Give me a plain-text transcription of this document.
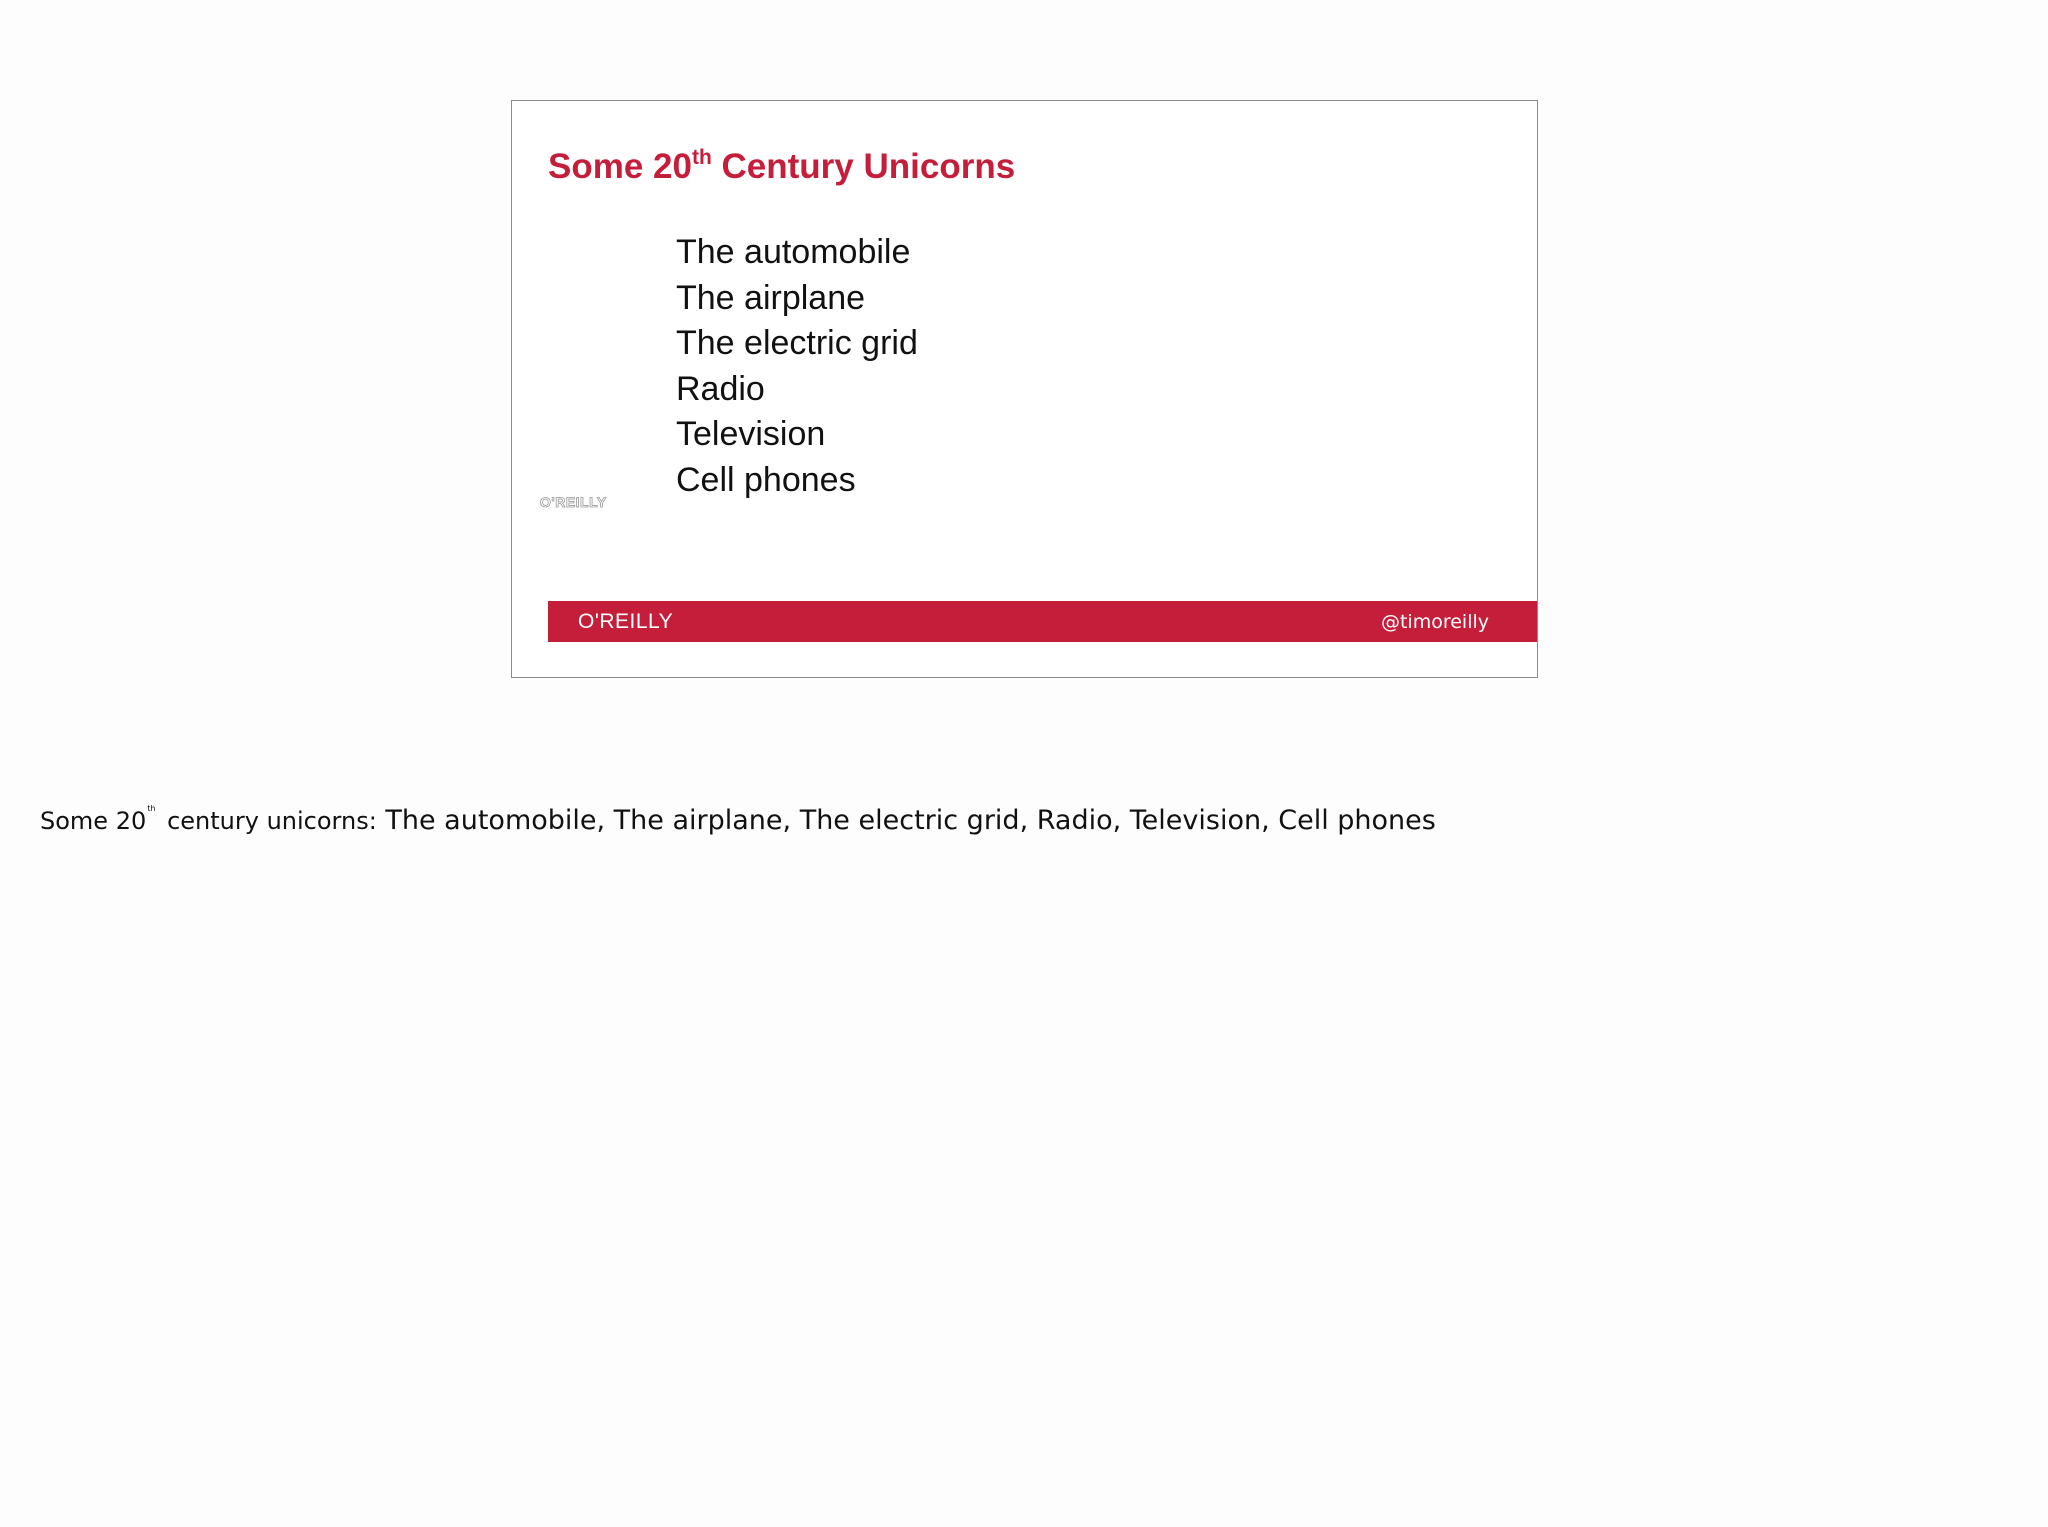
Some 20th Century Unicorns
The automobile
The airplane
The electric grid
Radio
Television
Cell phones
O'REILLY
O'REILLY	@timoreilly
Some 20th century unicorns: The automobile, The airplane, The electric grid, Radio, Television, Cell phones
